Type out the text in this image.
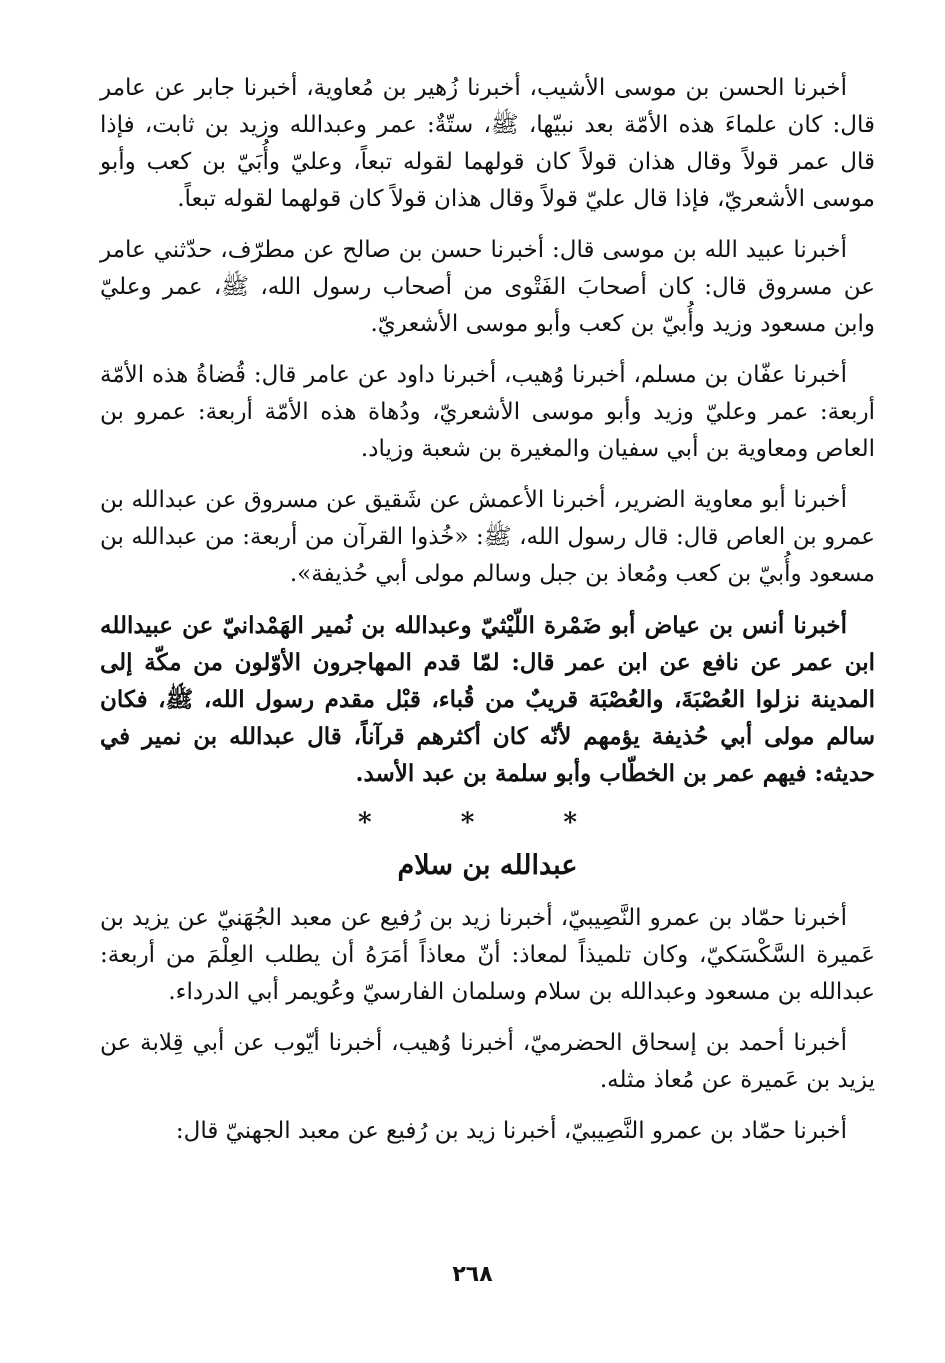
أخبرنا الحسن بن موسى الأشيب، أخبرنا زُهير بن مُعاوية، أخبرنا جابر عن عامر قال: كان علماءَ هذه الأمّة بعد نبيّها، ﷺ، ستّةٌ: عمر وعبدالله وزيد بن ثابت، فإذا قال عمر قولاً وقال هذان قولاً كان قولهما لقوله تبعاً، وعليّ وأُبَيّ بن كعب وأبو موسى الأشعريّ، فإذا قال عليّ قولاً وقال هذان قولاً كان قولهما لقوله تبعاً.

أخبرنا عبيد الله بن موسى قال: أخبرنا حسن بن صالح عن مطرّف، حدّثني عامر عن مسروق قال: كان أصحابَ الفَتْوى من أصحاب رسول الله، ﷺ، عمر وعليّ وابن مسعود وزيد وأُبيّ بن كعب وأبو موسى الأشعريّ.

أخبرنا عفّان بن مسلم، أخبرنا وُهيب، أخبرنا داود عن عامر قال: قُضاةُ هذه الأمّة أربعة: عمر وعليّ وزيد وأبو موسى الأشعريّ، ودُهاة هذه الأمّة أربعة: عمرو بن العاص ومعاوية بن أبي سفيان والمغيرة بن شعبة وزياد.

أخبرنا أبو معاوية الضرير، أخبرنا الأعمش عن شَقيق عن مسروق عن عبدالله بن عمرو بن العاص قال: قال رسول الله، ﷺ: «خُذوا القرآن من أربعة: من عبدالله بن مسعود وأُبيّ بن كعب ومُعاذ بن جبل وسالم مولى أبي حُذيفة».

أخبرنا أنس بن عياض أبو ضَمْرة اللّيْثيّ وعبدالله بن نُمير الهَمْدانيّ عن عبيدالله ابن عمر عن نافع عن ابن عمر قال: لمّا قدم المهاجرون الأوّلون من مكّة إلى المدينة نزلوا العُصْبَةَ، والعُصْبَة قريبٌ من قُباء، قبْل مقدم رسول الله، ﷺ، فكان سالم مولى أبي حُذيفة يؤمهم لأنّه كان أكثرهم قرآناً، قال عبدالله بن نمير في حديثه: فيهم عمر بن الخطّاب وأبو سلمة بن عبد الأسد.

* * *
عبدالله بن سلام

أخبرنا حمّاد بن عمرو النَّصِيبيّ، أخبرنا زيد بن رُفيع عن معبد الجُهَنيّ عن يزيد بن عَميرة السَّكْسَكيّ، وكان تلميذاً لمعاذ: أنّ معاذاً أمَرَهُ أن يطلب العِلْمَ من أربعة: عبدالله بن مسعود وعبدالله بن سلام وسلمان الفارسيّ وعُويمر أبي الدرداء.

أخبرنا أحمد بن إسحاق الحضرميّ، أخبرنا وُهيب، أخبرنا أيّوب عن أبي قِلابة عن يزيد بن عَميرة عن مُعاذ مثله.

أخبرنا حمّاد بن عمرو النَّصِيبيّ، أخبرنا زيد بن رُفيع عن معبد الجهنيّ قال:

٢٦٨
